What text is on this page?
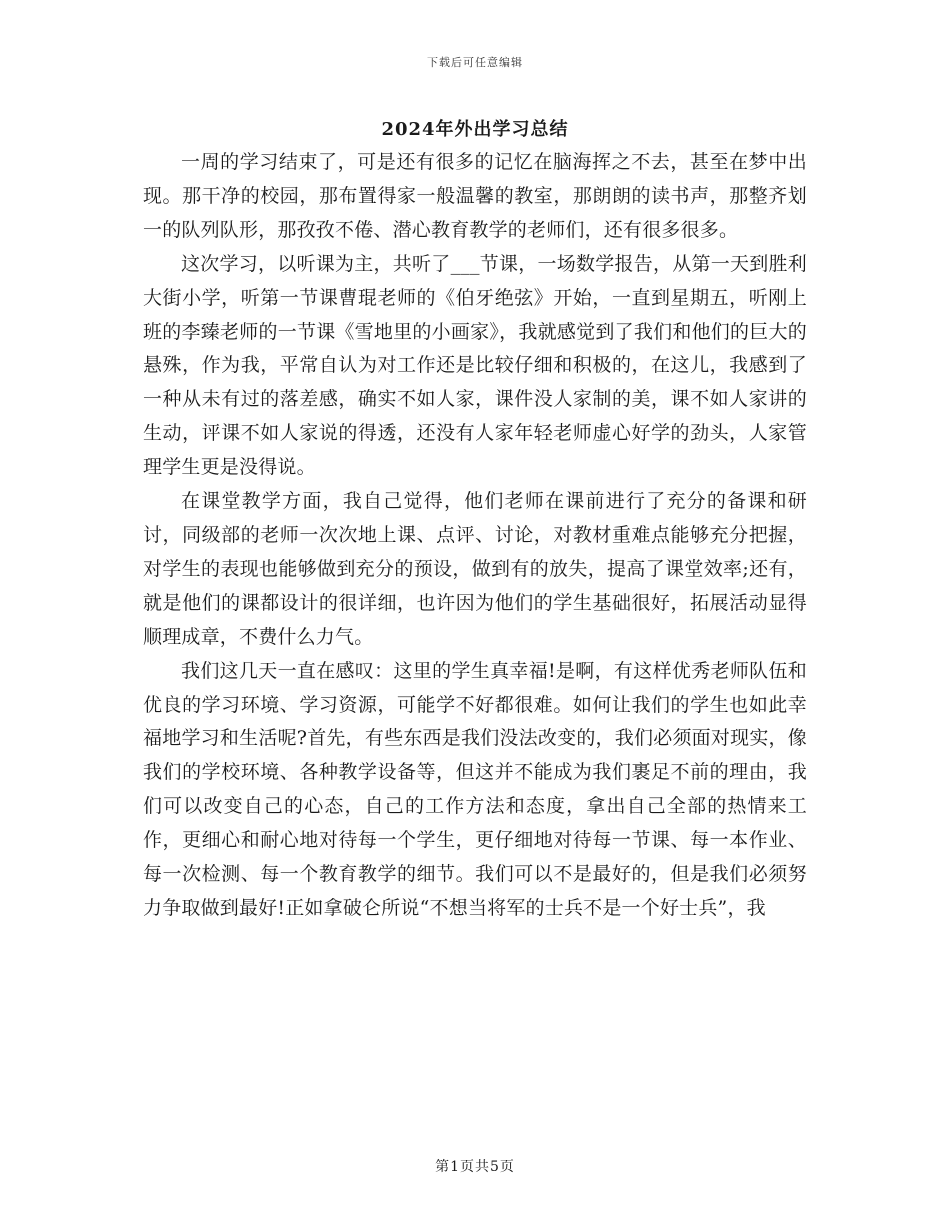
下载后可任意编辑
2024年外出学习总结

一周的学习结束了，可是还有很多的记忆在脑海挥之不去，甚至在梦中出现。那干净的校园，那布置得家一般温馨的教室，那朗朗的读书声，那整齐划一的队列队形，那孜孜不倦、潜心教育教学的老师们，还有很多很多。

这次学习，以听课为主，共听了___节课，一场数学报告，从第一天到胜利大街小学，听第一节课曹琨老师的《伯牙绝弦》开始，一直到星期五，听刚上班的李臻老师的一节课《雪地里的小画家》，我就感觉到了我们和他们的巨大的悬殊，作为我，平常自认为对工作还是比较仔细和积极的，在这儿，我感到了一种从未有过的落差感，确实不如人家，课件没人家制的美，课不如人家讲的生动，评课不如人家说的得透，还没有人家年轻老师虚心好学的劲头，人家管理学生更是没得说。

在课堂教学方面，我自己觉得，他们老师在课前进行了充分的备课和研讨，同级部的老师一次次地上课、点评、讨论，对教材重难点能够充分把握，对学生的表现也能够做到充分的预设，做到有的放失，提高了课堂效率;还有，就是他们的课都设计的很详细，也许因为他们的学生基础很好，拓展活动显得顺理成章，不费什么力气。

我们这几天一直在感叹：这里的学生真幸福!是啊，有这样优秀老师队伍和优良的学习环境、学习资源，可能学不好都很难。如何让我们的学生也如此幸福地学习和生活呢?首先，有些东西是我们没法改变的，我们必须面对现实，像我们的学校环境、各种教学设备等，但这并不能成为我们裹足不前的理由，我们可以改变自己的心态，自己的工作方法和态度，拿出自己全部的热情来工作，更细心和耐心地对待每一个学生，更仔细地对待每一节课、每一本作业、每一次检测、每一个教育教学的细节。我们可以不是最好的，但是我们必须努力争取做到最好!正如拿破仑所说“不想当将军的士兵不是一个好士兵”，我

第1页共5页
